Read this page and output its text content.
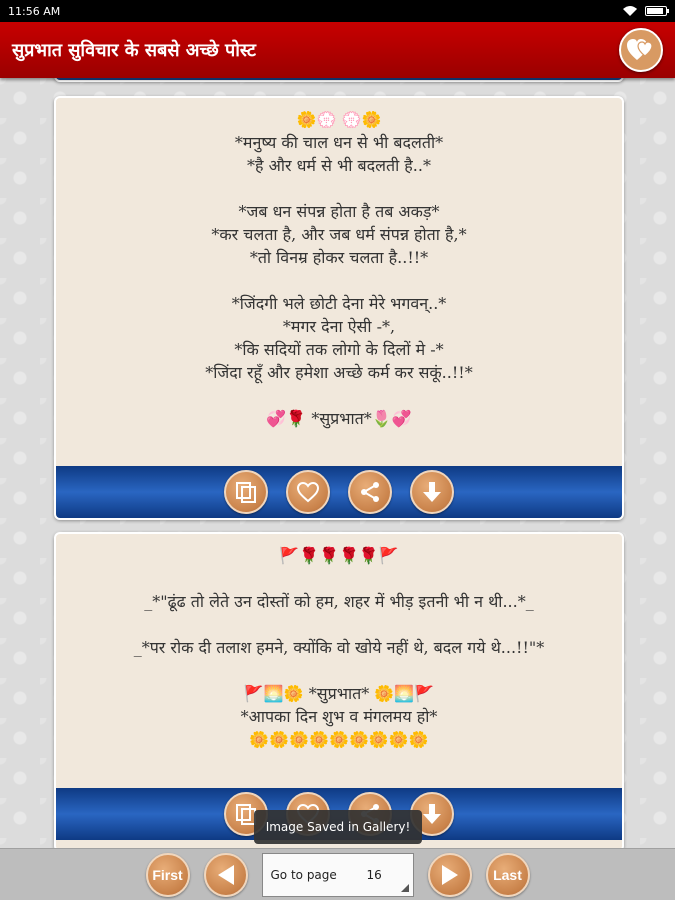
11:56 AM
सुप्रभात सुविचार के सबसे अच्छे पोस्ट
🌼💮 💮🌼
*मनुष्य की चाल धन से भी बदलती*
*है और धर्म से भी बदलती है..*

*जब धन संपन्न होता है तब अकड़*
*कर चलता है, और जब धर्म संपन्न होता है,*
*तो विनम्र होकर चलता है..!!*

*जिंदगी भले छोटी देना मेरे भगवन्..*
*मगर देना ऐसी -*,
*कि सदियों तक लोगो के दिलों मे -*
*जिंदा रहूँ और हमेशा अच्छे कर्म कर सकूं..!!*

💞🌹 *सुप्रभात*🌷💞
🚩🌹🌹🌹🌹🚩

_*"ढूंढ तो लेते उन दोस्तों को हम, शहर में भीड़ इतनी भी न थी...*_

_*पर रोक दी तलाश हमने, क्योंकि वो खोये नहीं थे, बदल गये थे...!!"*

🚩🌅🌼 *सुप्रभात* 🌼🌅🚩
*आपका दिन शुभ व मंगलमय हो*
🌼🌼🌼🌼🌼🌼🌼🌼🌼
Image Saved in Gallery!
First	Go to page 16	Last
